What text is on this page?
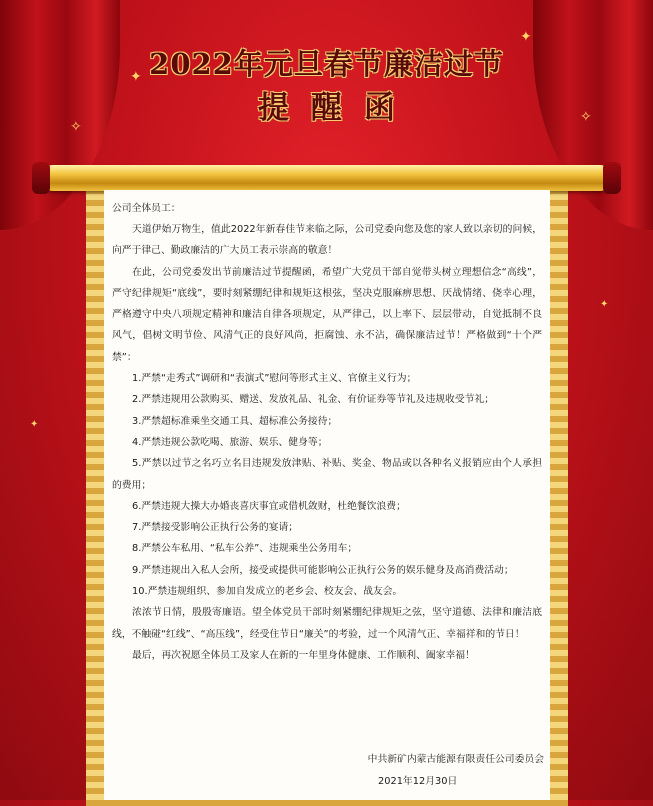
✦
✦
✧
✧
✦
✦
2022年元旦春节廉洁过节
提醒函

公司全体员工：

天道伊始万物生，值此2022年新春佳节来临之际，公司党委向您及您的家人致以亲切的问候，向严于律己、勤政廉洁的广大员工表示崇高的敬意！

在此，公司党委发出节前廉洁过节提醒函，希望广大党员干部自觉带头树立理想信念“高线”，严守纪律规矩“底线”，要时刻紧绷纪律和规矩这根弦，坚决克服麻痹思想、厌战情绪、侥幸心理，严格遵守中央八项规定精神和廉洁自律各项规定，从严律己，以上率下、层层带动，自觉抵制不良风气，倡树文明节俭、风清气正的良好风尚，拒腐蚀、永不沾，确保廉洁过节！严格做到“十个严禁”：

1.严禁“走秀式”调研和“表演式”慰问等形式主义、官僚主义行为；

2.严禁违规用公款购买、赠送、发放礼品、礼金、有价证券等节礼及违规收受节礼；

3.严禁超标准乘坐交通工具、超标准公务接待；

4.严禁违规公款吃喝、旅游、娱乐、健身等；

5.严禁以过节之名巧立名目违规发放津贴、补贴、奖金、物品或以各种名义报销应由个人承担的费用；

6.严禁违规大操大办婚丧喜庆事宜或借机敛财，杜绝餐饮浪费；

7.严禁接受影响公正执行公务的宴请；

8.严禁公车私用、“私车公养”、违规乘坐公务用车；

9.严禁违规出入私人会所，接受或提供可能影响公正执行公务的娱乐健身及高消费活动；

10.严禁违规组织、参加自发成立的老乡会、校友会、战友会。

浓浓节日情，殷殷寄廉语。望全体党员干部时刻紧绷纪律规矩之弦，坚守道德、法律和廉洁底线，不触碰“红线”、“高压线”，经受住节日“廉关”的考验，过一个风清气正、幸福祥和的节日！

最后，再次祝愿全体员工及家人在新的一年里身体健康、工作顺利、阖家幸福！

中共新矿内蒙古能源有限责任公司委员会

2021年12月30日
